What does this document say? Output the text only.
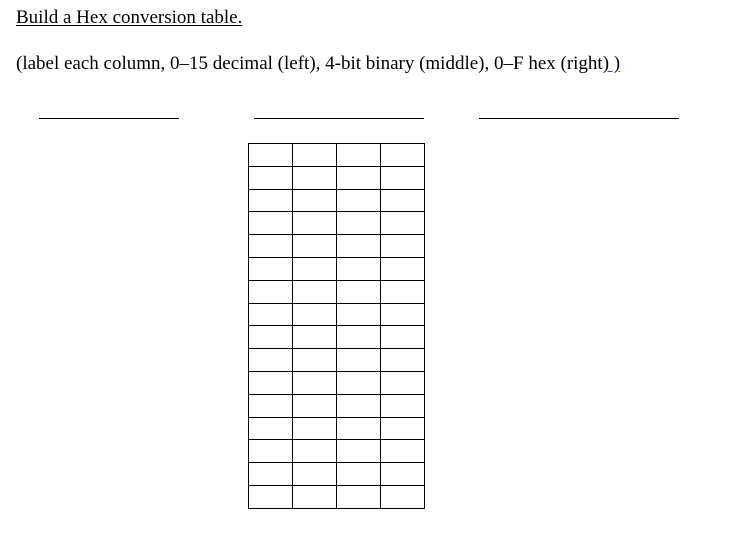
Build a Hex conversion table.
(label each column, 0–15 decimal (left), 4-bit binary (middle), 0–F hex (right) )
